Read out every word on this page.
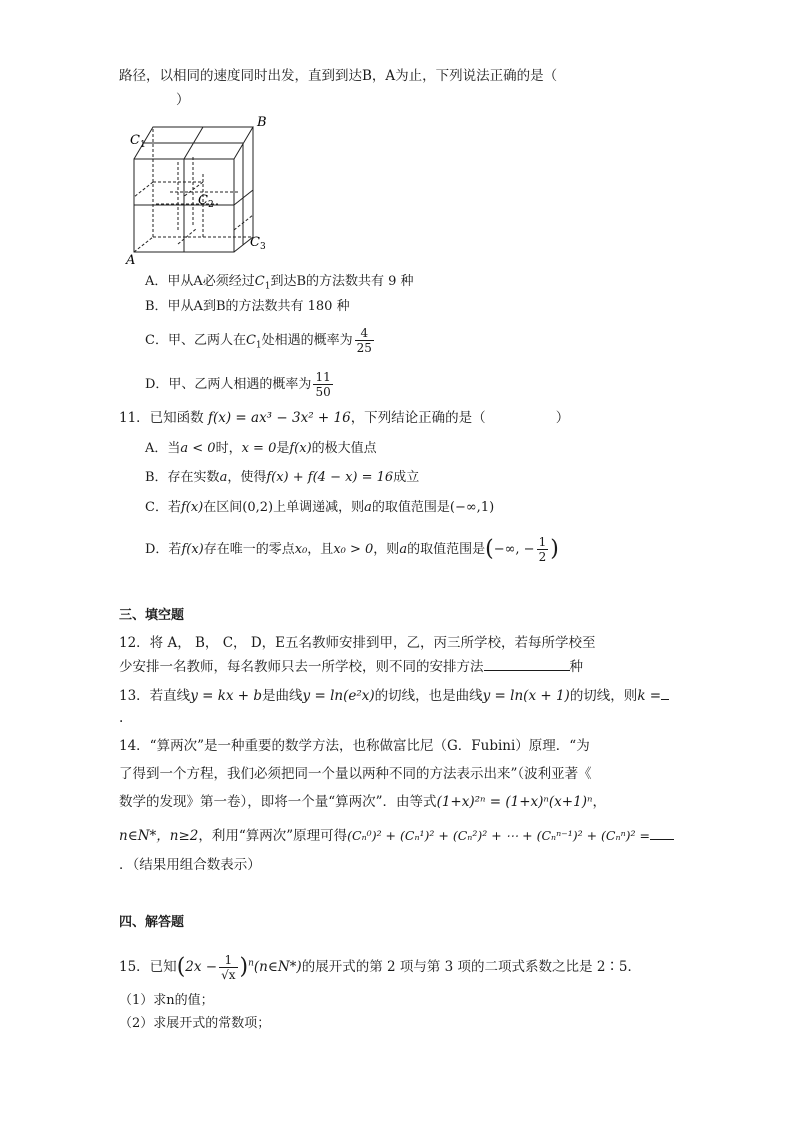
路径，以相同的速度同时出发，直到到达B，A为止，下列说法正确的是（
）
A
B
C 1
C 2
C 3
A．甲从A必须经过$C_1$到达B的方法数共有 9 种
B．甲从A到B的方法数共有 180 种
C．甲、乙两人在$C_1$处相遇的概率为 $\frac{4}{25}$
D．甲、乙两人相遇的概率为 $\frac{11}{50}$
11．已知函数 f(x) = ax³ − 3x² + 16，下列结论正确的是（	）
A．当a < 0时，x = 0是f(x)的极大值点
B．存在实数a，使得f(x) + f(4 − x) = 16成立
C．若f(x)在区间(0,2)上单调递减，则a的取值范围是(−∞,1)
D．若f(x)存在唯一的零点x₀，且x₀ > 0，则a的取值范围是(−∞, − $\frac{1}{2}$ )
三、填空题
12．将 A， B， C， D，E五名教师安排到甲，乙，丙三所学校，若每所学校至
少安排一名教师，每名教师只去一所学校，则不同的安排方法	种
13．若直线y = kx + b是曲线y = ln(e²x)的切线，也是曲线y = ln(x + 1)的切线，则k =
.
14．“算两次”是一种重要的数学方法，也称做富比尼（G．Fubini）原理．“为
了得到一个方程，我们必须把同一个量以两种不同的方法表示出来”（波利亚著《
数学的发现》第一卷），即将一个量“算两次”．由等式(1+x)²ⁿ = (1+x)ⁿ(x+1)ⁿ，
n∈N*，n≥2，利用“算两次”原理可得(Cₙ⁰)² + (Cₙ¹)² + (Cₙ²)² + ⋯ + (Cₙⁿ⁻¹)² + (Cₙⁿ)² =
．（结果用组合数表示）
四、解答题
15．已知($2x - \frac{1}{√x}$ )$^n(n\in N*)$的展开式的第 2 项与第 3 项的二项式系数之比是 2∶5．
（1）求n的值；
（2）求展开式的常数项；
